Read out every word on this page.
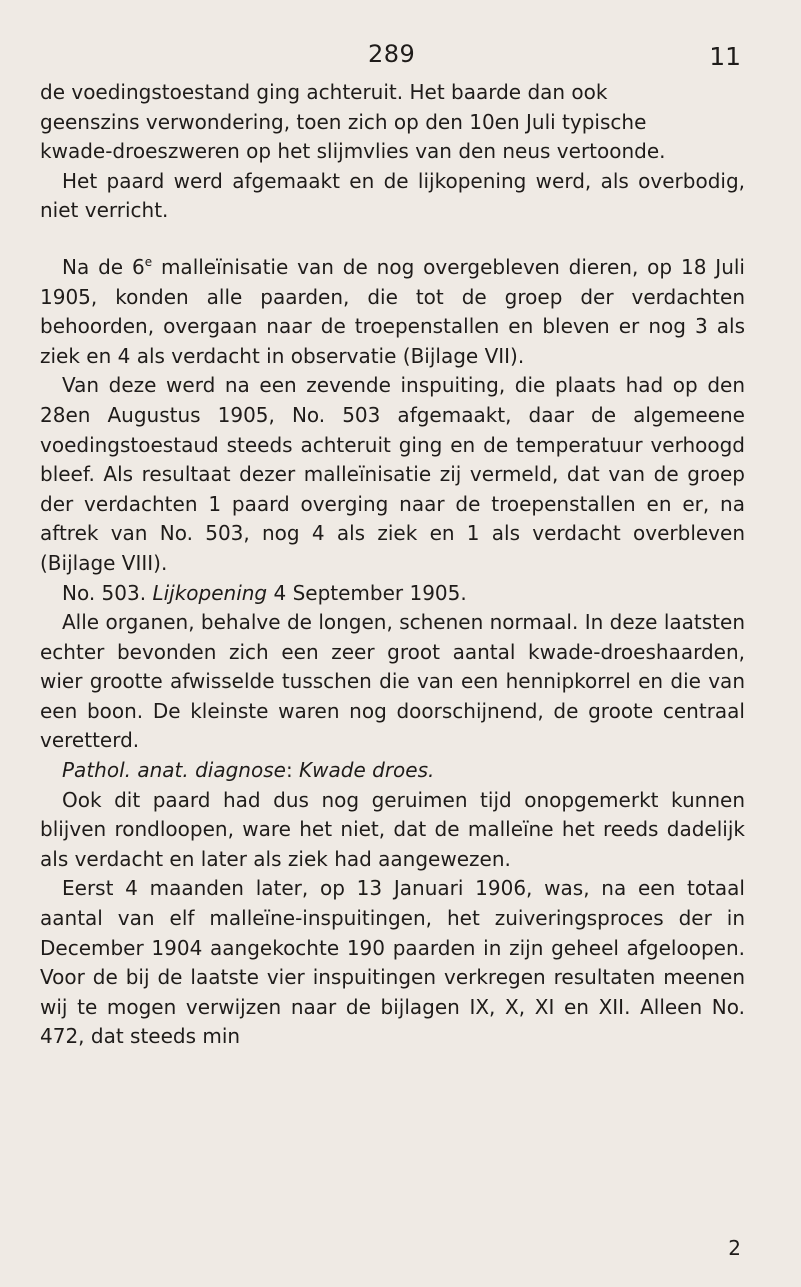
289	11

de voedingstoestand ging achteruit. Het baarde dan ook
geenszins verwondering, toen zich op den 10en Juli typische
kwade-droeszweren op het slijmvlies van den neus vertoonde.

Het paard werd afgemaakt en de lijkopening werd, als overbodig, niet verricht.

Na de 6e malleïnisatie van de nog overgebleven dieren, op 18 Juli 1905, konden alle paarden, die tot de groep der verdachten behoorden, overgaan naar de troepenstallen en bleven er nog 3 als ziek en 4 als verdacht in observatie (Bijlage VII).

Van deze werd na een zevende inspuiting, die plaats had op den 28en Augustus 1905, No. 503 afgemaakt, daar de algemeene voedingstoestaud steeds achteruit ging en de temperatuur verhoogd bleef. Als resultaat dezer malleïnisatie zij vermeld, dat van de groep der verdachten 1 paard overging naar de troepenstallen en er, na aftrek van No. 503, nog 4 als ziek en 1 als verdacht overbleven (Bijlage VIII).

No. 503. Lijkopening 4 September 1905.

Alle organen, behalve de longen, schenen normaal. In deze laatsten echter bevonden zich een zeer groot aantal kwade-droeshaarden, wier grootte afwisselde tusschen die van een hennipkorrel en die van een boon. De kleinste waren nog doorschijnend, de groote centraal veretterd.

Pathol. anat. diagnose: Kwade droes.

Ook dit paard had dus nog geruimen tijd onopgemerkt kunnen blijven rondloopen, ware het niet, dat de malleïne het reeds dadelijk als verdacht en later als ziek had aangewezen.

Eerst 4 maanden later, op 13 Januari 1906, was, na een totaal aantal van elf malleïne-inspuitingen, het zuiveringsproces der in December 1904 aangekochte 190 paarden in zijn geheel afgeloopen. Voor de bij de laatste vier inspuitingen verkregen resultaten meenen wij te mogen verwijzen naar de bijlagen IX, X, XI en XII. Alleen No. 472, dat steeds min

2
